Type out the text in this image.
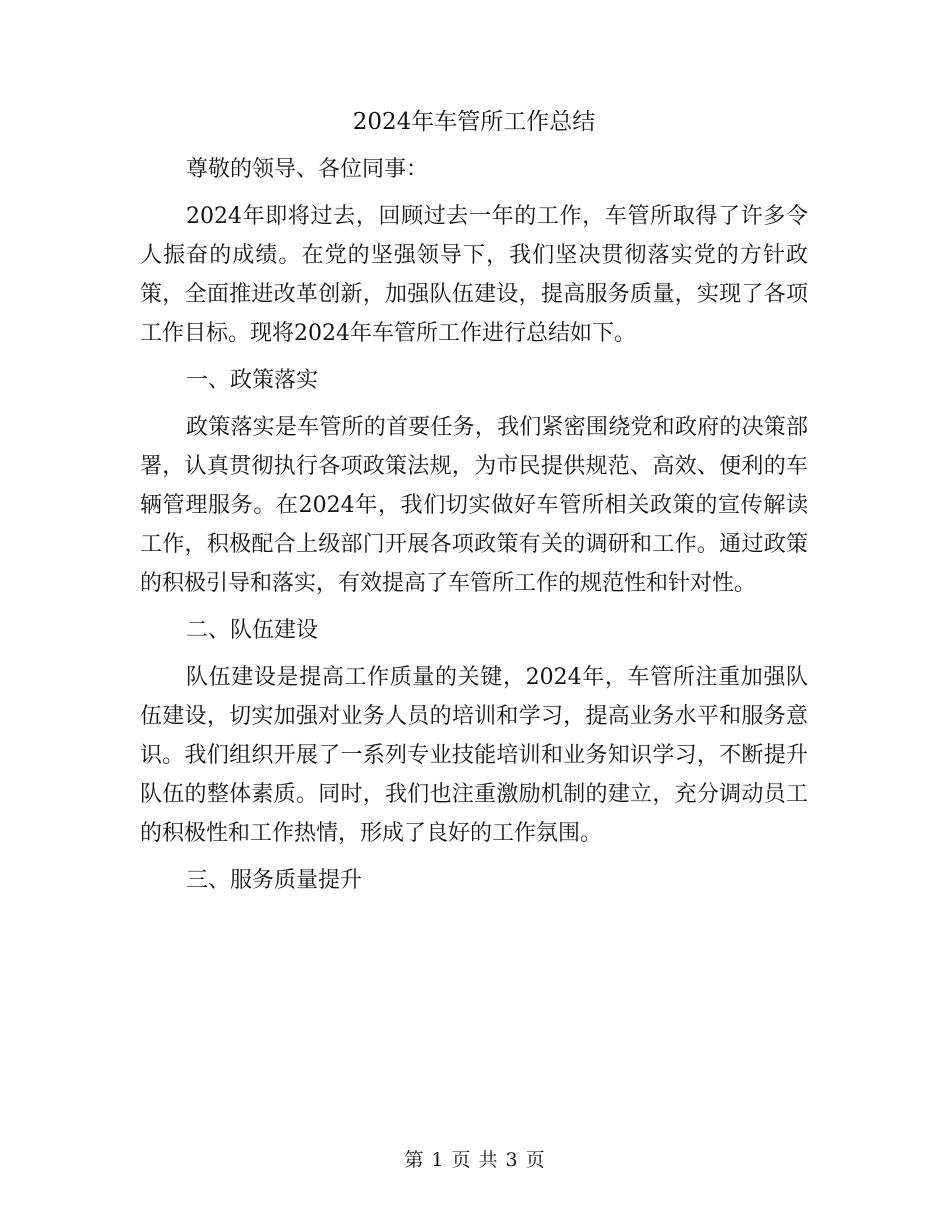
2024年车管所工作总结

尊敬的领导、各位同事：

2024年即将过去，回顾过去一年的工作，车管所取得了许多令人振奋的成绩。在党的坚强领导下，我们坚决贯彻落实党的方针政策，全面推进改革创新，加强队伍建设，提高服务质量，实现了各项工作目标。现将2024年车管所工作进行总结如下。

一、政策落实

政策落实是车管所的首要任务，我们紧密围绕党和政府的决策部署，认真贯彻执行各项政策法规，为市民提供规范、高效、便利的车辆管理服务。在2024年，我们切实做好车管所相关政策的宣传解读工作，积极配合上级部门开展各项政策有关的调研和工作。通过政策的积极引导和落实，有效提高了车管所工作的规范性和针对性。

二、队伍建设

队伍建设是提高工作质量的关键，2024年，车管所注重加强队伍建设，切实加强对业务人员的培训和学习，提高业务水平和服务意识。我们组织开展了一系列专业技能培训和业务知识学习，不断提升队伍的整体素质。同时，我们也注重激励机制的建立，充分调动员工的积极性和工作热情，形成了良好的工作氛围。

三、服务质量提升

第 1 页 共 3 页
